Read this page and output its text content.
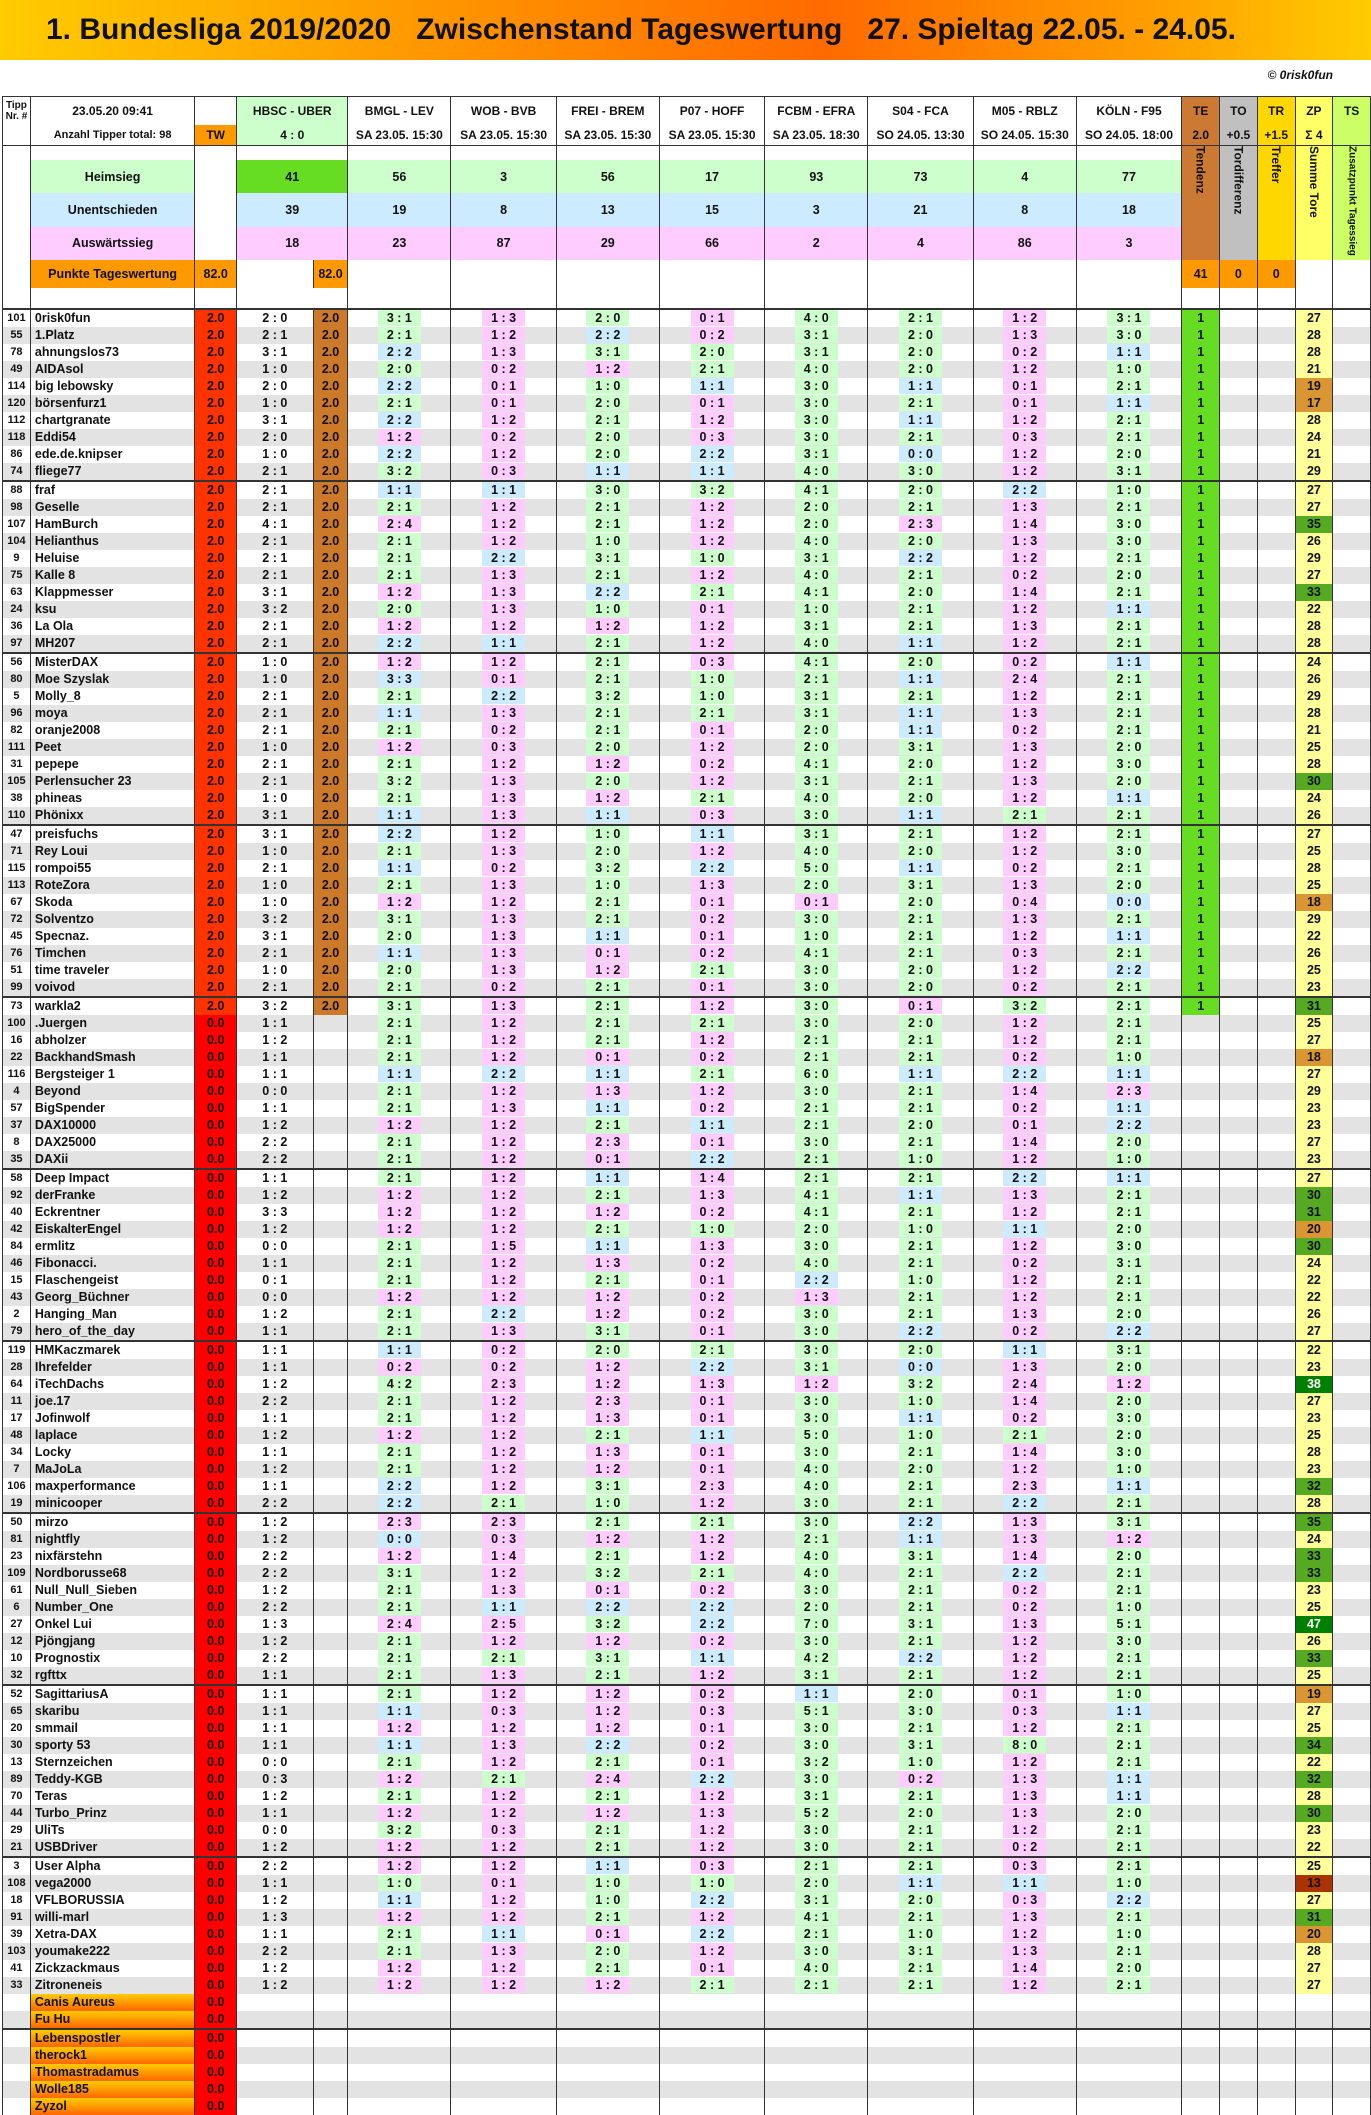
1. Bundesliga 2019/2020   Zwischenstand Tageswertung   27. Spieltag 22.05. - 24.05.
© 0risk0fun
Tipp Nr. #	23.05.20 09:41		HBSC - UBER		BMGL - LEV	WOB - BVB	FREI - BREM	P07 - HOFF	FCBM - EFRA	S04 - FCA	M05 - RBLZ	KÖLN - F95	TE	TO	TR	ZP	TS
	Anzahl Tipper total: 98	TW	4 : 0		SA 23.05. 15:30	SA 23.05. 15:30	SA 23.05. 15:30	SA 23.05. 15:30	SA 23.05. 18:30	SO 24.05. 13:30	SO 24.05. 15:30	SO 24.05. 18:00	2.0	+0.5	+1.5	Σ 4	
													Tendenz	Tordifferenz	Treffer	Summe Tore	Zusatzpunkt Tagessieg
	Heimsieg		41		56	3	56	17	93	73	4	77					
	Unentschieden		39		19	8	13	15	3	21	8	18					
	Auswärtssieg		18		23	87	29	66	2	4	86	3					
	Punkte Tageswertung	82.0		82.0									41	0	0		

101	0risk0fun	2.0	2 : 0	2.0	3 : 1	1 : 3	2 : 0	0 : 1	4 : 0	2 : 1	1 : 2	3 : 1	1			27	
55	1.Platz	2.0	2 : 1	2.0	2 : 1	1 : 2	2 : 2	0 : 2	3 : 1	2 : 0	1 : 3	3 : 0	1			28	
78	ahnungslos73	2.0	3 : 1	2.0	2 : 2	1 : 3	3 : 1	2 : 0	3 : 1	2 : 0	0 : 2	1 : 1	1			28	
49	AIDAsol	2.0	1 : 0	2.0	2 : 0	0 : 2	1 : 2	2 : 1	4 : 0	2 : 0	1 : 2	1 : 0	1			21	
114	big lebowsky	2.0	2 : 0	2.0	2 : 2	0 : 1	1 : 0	1 : 1	3 : 0	1 : 1	0 : 1	2 : 1	1			19	
120	börsenfurz1	2.0	1 : 0	2.0	2 : 1	0 : 1	2 : 0	0 : 1	3 : 0	2 : 1	0 : 1	1 : 1	1			17	
112	chartgranate	2.0	3 : 1	2.0	2 : 2	1 : 2	2 : 1	1 : 2	3 : 0	1 : 1	1 : 2	2 : 1	1			28	
118	Eddi54	2.0	2 : 0	2.0	1 : 2	0 : 2	2 : 0	0 : 3	3 : 0	2 : 1	0 : 3	2 : 1	1			24	
86	ede.de.knipser	2.0	1 : 0	2.0	2 : 2	1 : 2	2 : 0	2 : 2	3 : 1	0 : 0	1 : 2	2 : 0	1			21	
74	fliege77	2.0	2 : 1	2.0	3 : 2	0 : 3	1 : 1	1 : 1	4 : 0	3 : 0	1 : 2	3 : 1	1			29	
88	fraf	2.0	2 : 1	2.0	1 : 1	1 : 1	3 : 0	3 : 2	4 : 1	2 : 0	2 : 2	1 : 0	1			27	
98	Geselle	2.0	2 : 1	2.0	2 : 1	1 : 2	2 : 1	1 : 2	2 : 0	2 : 1	1 : 3	2 : 1	1			27	
107	HamBurch	2.0	4 : 1	2.0	2 : 4	1 : 2	2 : 1	1 : 2	2 : 0	2 : 3	1 : 4	3 : 0	1			35	
104	Helianthus	2.0	2 : 1	2.0	2 : 1	1 : 2	1 : 0	1 : 2	4 : 0	2 : 0	1 : 3	3 : 0	1			26	
9	Heluise	2.0	2 : 1	2.0	2 : 1	2 : 2	3 : 1	1 : 0	3 : 1	2 : 2	1 : 2	2 : 1	1			29	
75	Kalle 8	2.0	2 : 1	2.0	2 : 1	1 : 3	2 : 1	1 : 2	4 : 0	2 : 1	0 : 2	2 : 0	1			27	
63	Klappmesser	2.0	3 : 1	2.0	1 : 2	1 : 3	2 : 2	2 : 1	4 : 1	2 : 0	1 : 4	2 : 1	1			33	
24	ksu	2.0	3 : 2	2.0	2 : 0	1 : 3	1 : 0	0 : 1	1 : 0	2 : 1	1 : 2	1 : 1	1			22	
36	La Ola	2.0	2 : 1	2.0	1 : 2	1 : 2	1 : 2	1 : 2	3 : 1	2 : 1	1 : 3	2 : 1	1			28	
97	MH207	2.0	2 : 1	2.0	2 : 2	1 : 1	2 : 1	1 : 2	4 : 0	1 : 1	1 : 2	2 : 1	1			28	
56	MisterDAX	2.0	1 : 0	2.0	1 : 2	1 : 2	2 : 1	0 : 3	4 : 1	2 : 0	0 : 2	1 : 1	1			24	
80	Moe Szyslak	2.0	1 : 0	2.0	3 : 3	0 : 1	2 : 1	1 : 0	2 : 1	1 : 1	2 : 4	2 : 1	1			26	
5	Molly_8	2.0	2 : 1	2.0	2 : 1	2 : 2	3 : 2	1 : 0	3 : 1	2 : 1	1 : 2	2 : 1	1			29	
96	moya	2.0	2 : 1	2.0	1 : 1	1 : 3	2 : 1	2 : 1	3 : 1	1 : 1	1 : 3	2 : 1	1			28	
82	oranje2008	2.0	2 : 1	2.0	2 : 1	0 : 2	2 : 1	0 : 1	2 : 0	1 : 1	0 : 2	2 : 1	1			21	
111	Peet	2.0	1 : 0	2.0	1 : 2	0 : 3	2 : 0	1 : 2	2 : 0	3 : 1	1 : 3	2 : 0	1			25	
31	pepepe	2.0	2 : 1	2.0	2 : 1	1 : 2	1 : 2	0 : 2	4 : 1	2 : 0	1 : 2	3 : 0	1			28	
105	Perlensucher 23	2.0	2 : 1	2.0	3 : 2	1 : 3	2 : 0	1 : 2	3 : 1	2 : 1	1 : 3	2 : 0	1			30	
38	phineas	2.0	1 : 0	2.0	2 : 1	1 : 3	1 : 2	2 : 1	4 : 0	2 : 0	1 : 2	1 : 1	1			24	
110	Phönixx	2.0	3 : 1	2.0	1 : 1	1 : 3	1 : 1	0 : 3	3 : 0	1 : 1	2 : 1	2 : 1	1			26	
47	preisfuchs	2.0	3 : 1	2.0	2 : 2	1 : 2	1 : 0	1 : 1	3 : 1	2 : 1	1 : 2	2 : 1	1			27	
71	Rey Loui	2.0	1 : 0	2.0	2 : 1	1 : 3	2 : 0	1 : 2	4 : 0	2 : 0	1 : 2	3 : 0	1			25	
115	rompoi55	2.0	2 : 1	2.0	1 : 1	0 : 2	3 : 2	2 : 2	5 : 0	1 : 1	0 : 2	2 : 1	1			28	
113	RoteZora	2.0	1 : 0	2.0	2 : 1	1 : 3	1 : 0	1 : 3	2 : 0	3 : 1	1 : 3	2 : 0	1			25	
67	Skoda	2.0	1 : 0	2.0	1 : 2	1 : 2	2 : 1	0 : 1	0 : 1	2 : 0	0 : 4	0 : 0	1			18	
72	Solventzo	2.0	3 : 2	2.0	3 : 1	1 : 3	2 : 1	0 : 2	3 : 0	2 : 1	1 : 3	2 : 1	1			29	
45	Specnaz.	2.0	3 : 1	2.0	2 : 0	1 : 3	1 : 1	0 : 1	1 : 0	2 : 1	1 : 2	1 : 1	1			22	
76	Timchen	2.0	2 : 1	2.0	1 : 1	1 : 3	0 : 1	0 : 2	4 : 1	2 : 1	0 : 3	2 : 1	1			26	
51	time traveler	2.0	1 : 0	2.0	2 : 0	1 : 3	1 : 2	2 : 1	3 : 0	2 : 0	1 : 2	2 : 2	1			25	
99	voivod	2.0	2 : 1	2.0	2 : 1	0 : 2	2 : 1	0 : 1	3 : 0	2 : 0	0 : 2	2 : 1	1			23	
73	warkla2	2.0	3 : 2	2.0	3 : 1	1 : 3	2 : 1	1 : 2	3 : 0	0 : 1	3 : 2	2 : 1	1			31	
100	.Juergen	0.0	1 : 1		2 : 1	1 : 2	2 : 1	2 : 1	3 : 0	2 : 0	1 : 2	2 : 1				25	
16	abholzer	0.0	1 : 2		2 : 1	1 : 2	2 : 1	1 : 2	2 : 1	2 : 1	1 : 2	2 : 1				27	
22	BackhandSmash	0.0	1 : 1		2 : 1	1 : 2	0 : 1	0 : 2	2 : 1	2 : 1	0 : 2	1 : 0				18	
116	Bergsteiger 1	0.0	1 : 1		1 : 1	2 : 2	1 : 1	2 : 1	6 : 0	1 : 1	2 : 2	1 : 1				27	
4	Beyond	0.0	0 : 0		2 : 1	1 : 2	1 : 3	1 : 2	3 : 0	2 : 1	1 : 4	2 : 3				29	
57	BigSpender	0.0	1 : 1		2 : 1	1 : 3	1 : 1	0 : 2	2 : 1	2 : 1	0 : 2	1 : 1				23	
37	DAX10000	0.0	1 : 2		1 : 2	1 : 2	2 : 1	1 : 1	2 : 1	2 : 0	0 : 1	2 : 2				23	
8	DAX25000	0.0	2 : 2		2 : 1	1 : 2	2 : 3	0 : 1	3 : 0	2 : 1	1 : 4	2 : 0				27	
35	DAXii	0.0	2 : 2		2 : 1	1 : 2	0 : 1	2 : 2	2 : 1	1 : 0	1 : 2	1 : 0				23	
58	Deep Impact	0.0	1 : 1		2 : 1	1 : 2	1 : 1	1 : 4	2 : 1	2 : 1	2 : 2	1 : 1				27	
92	derFranke	0.0	1 : 2		1 : 2	1 : 2	2 : 1	1 : 3	4 : 1	1 : 1	1 : 3	2 : 1				30	
40	Eckrentner	0.0	3 : 3		1 : 2	1 : 2	1 : 2	0 : 2	4 : 1	2 : 1	1 : 2	2 : 1				31	
42	EiskalterEngel	0.0	1 : 2		1 : 2	1 : 2	2 : 1	1 : 0	2 : 0	1 : 0	1 : 1	2 : 0				20	
84	ermlitz	0.0	0 : 0		2 : 1	1 : 5	1 : 1	1 : 3	3 : 0	2 : 1	1 : 2	3 : 0				30	
46	Fibonacci.	0.0	1 : 1		2 : 1	1 : 2	1 : 3	0 : 2	4 : 0	2 : 1	0 : 2	3 : 1				24	
15	Flaschengeist	0.0	0 : 1		2 : 1	1 : 2	2 : 1	0 : 1	2 : 2	1 : 0	1 : 2	2 : 1				22	
43	Georg_Büchner	0.0	0 : 0		1 : 2	1 : 2	1 : 2	0 : 2	1 : 3	2 : 1	1 : 2	2 : 1				22	
2	Hanging_Man	0.0	1 : 2		2 : 1	2 : 2	1 : 2	0 : 2	3 : 0	2 : 1	1 : 3	2 : 0				26	
79	hero_of_the_day	0.0	1 : 1		2 : 1	1 : 3	3 : 1	0 : 1	3 : 0	2 : 2	0 : 2	2 : 2				27	
119	HMKaczmarek	0.0	1 : 1		1 : 1	0 : 2	2 : 0	2 : 1	3 : 0	2 : 0	1 : 1	3 : 1				22	
28	Ihrefelder	0.0	1 : 1		0 : 2	0 : 2	1 : 2	2 : 2	3 : 1	0 : 0	1 : 3	2 : 0				23	
64	iTechDachs	0.0	1 : 2		4 : 2	2 : 3	1 : 2	1 : 3	1 : 2	3 : 2	2 : 4	1 : 2				38	
11	joe.17	0.0	2 : 2		2 : 1	1 : 2	2 : 3	0 : 1	3 : 0	1 : 0	1 : 4	2 : 0				27	
17	Jofinwolf	0.0	1 : 1		2 : 1	1 : 2	1 : 3	0 : 1	3 : 0	1 : 1	0 : 2	3 : 0				23	
48	laplace	0.0	1 : 2		1 : 2	1 : 2	2 : 1	1 : 1	5 : 0	1 : 0	2 : 1	2 : 0				25	
34	Locky	0.0	1 : 1		2 : 1	1 : 2	1 : 3	0 : 1	3 : 0	2 : 1	1 : 4	3 : 0				28	
7	MaJoLa	0.0	1 : 2		2 : 1	1 : 2	1 : 2	0 : 1	4 : 0	2 : 0	1 : 2	1 : 0				23	
106	maxperformance	0.0	1 : 1		2 : 2	1 : 2	3 : 1	2 : 3	4 : 0	2 : 1	2 : 3	1 : 1				32	
19	minicooper	0.0	2 : 2		2 : 2	2 : 1	1 : 0	1 : 2	3 : 0	2 : 1	2 : 2	2 : 1				28	
50	mirzo	0.0	1 : 2		2 : 3	2 : 3	2 : 1	2 : 1	3 : 0	2 : 2	1 : 3	3 : 1				35	
81	nightfly	0.0	1 : 2		0 : 0	0 : 3	1 : 2	1 : 2	2 : 1	1 : 1	1 : 3	1 : 2				24	
23	nixfärstehn	0.0	2 : 2		1 : 2	1 : 4	2 : 1	1 : 2	4 : 0	3 : 1	1 : 4	2 : 0				33	
109	Nordborusse68	0.0	2 : 2		3 : 1	1 : 2	3 : 2	2 : 1	4 : 0	2 : 1	2 : 2	2 : 1				33	
61	Null_Null_Sieben	0.0	1 : 2		2 : 1	1 : 3	0 : 1	0 : 2	3 : 0	2 : 1	0 : 2	2 : 1				23	
6	Number_One	0.0	2 : 2		2 : 1	1 : 1	2 : 2	2 : 2	2 : 0	2 : 1	0 : 2	1 : 0				25	
27	Onkel Lui	0.0	1 : 3		2 : 4	2 : 5	3 : 2	2 : 2	7 : 0	3 : 1	1 : 3	5 : 1				47	
12	Pjöngjang	0.0	1 : 2		2 : 1	1 : 2	1 : 2	0 : 2	3 : 0	2 : 1	1 : 2	3 : 0				26	
10	Prognostix	0.0	2 : 2		2 : 1	2 : 1	3 : 1	1 : 1	4 : 2	2 : 2	1 : 2	2 : 1				33	
32	rgfttx	0.0	1 : 1		2 : 1	1 : 3	2 : 1	1 : 2	3 : 1	2 : 1	1 : 2	2 : 1				25	
52	SagittariusA	0.0	1 : 1		2 : 1	1 : 2	1 : 2	0 : 2	1 : 1	2 : 0	0 : 1	1 : 0				19	
65	skaribu	0.0	1 : 1		1 : 1	0 : 3	1 : 2	0 : 3	5 : 1	3 : 0	0 : 3	1 : 1				27	
20	smmail	0.0	1 : 1		1 : 2	1 : 2	1 : 2	0 : 1	3 : 0	2 : 1	1 : 2	2 : 1				25	
30	sporty 53	0.0	1 : 1		1 : 1	1 : 3	2 : 2	0 : 2	3 : 0	3 : 1	8 : 0	2 : 1				34	
13	Sternzeichen	0.0	0 : 0		2 : 1	1 : 2	2 : 1	0 : 1	3 : 2	1 : 0	1 : 2	2 : 1				22	
89	Teddy-KGB	0.0	0 : 3		1 : 2	2 : 1	2 : 4	2 : 2	3 : 0	0 : 2	1 : 3	1 : 1				32	
70	Teras	0.0	1 : 2		2 : 1	1 : 2	2 : 1	1 : 2	3 : 1	2 : 1	1 : 3	1 : 1				28	
44	Turbo_Prinz	0.0	1 : 1		1 : 2	1 : 2	1 : 2	1 : 3	5 : 2	2 : 0	1 : 3	2 : 0				30	
29	UliTs	0.0	0 : 0		3 : 2	0 : 3	2 : 1	1 : 2	3 : 0	2 : 1	1 : 2	2 : 1				23	
21	USBDriver	0.0	1 : 2		1 : 2	1 : 2	2 : 1	1 : 2	3 : 0	2 : 1	0 : 2	2 : 1				22	
3	User Alpha	0.0	2 : 2		1 : 2	1 : 2	1 : 1	0 : 3	2 : 1	2 : 1	0 : 3	2 : 1				25	
108	vega2000	0.0	1 : 1		1 : 0	0 : 1	1 : 0	1 : 0	2 : 0	1 : 1	1 : 1	1 : 0				13	
18	VFLBORUSSIA	0.0	1 : 2		1 : 1	1 : 2	1 : 0	2 : 2	3 : 1	2 : 0	0 : 3	2 : 2				27	
91	willi-marl	0.0	1 : 3		1 : 2	1 : 2	2 : 1	1 : 2	4 : 1	2 : 1	1 : 3	2 : 1				31	
39	Xetra-DAX	0.0	1 : 1		2 : 1	1 : 1	0 : 1	2 : 2	2 : 1	1 : 0	1 : 2	1 : 0				20	
103	youmake222	0.0	2 : 2		2 : 1	1 : 3	2 : 0	1 : 2	3 : 0	3 : 1	1 : 3	2 : 1				28	
41	Zickzackmaus	0.0	1 : 2		1 : 2	1 : 2	2 : 1	0 : 1	4 : 0	2 : 1	1 : 4	2 : 0				27	
33	Zitroneneis	0.0	1 : 2		1 : 2	1 : 2	1 : 2	2 : 1	2 : 1	2 : 1	1 : 2	2 : 1				27	
	Canis Aureus	0.0															
	Fu Hu	0.0															
	Lebenspostler	0.0															
	therock1	0.0															
	Thomastradamus	0.0															
	Wolle185	0.0															
	Zyzol	0.0															
